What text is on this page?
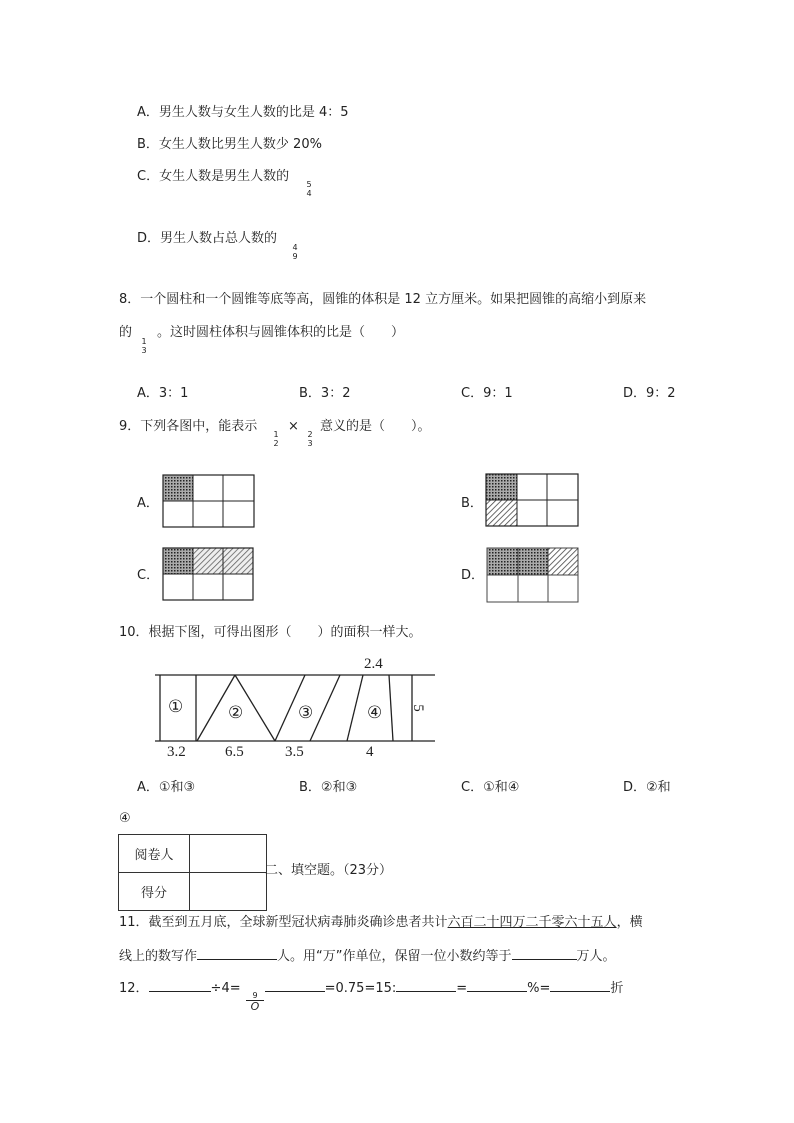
A．男生人数与女生人数的比是 4：5
B．女生人数比男生人数少 20%
C．女生人数是男生人数的
5
4
D．男生人数占总人数的
4
9
8．一个圆柱和一个圆锥等底等高，圆锥的体积是 12 立方厘米。如果把圆锥的高缩小到原来
的
1
3
。这时圆柱体积与圆锥体积的比是（　　）
A．3：1	B．3：2	C．9：1	D．9：2
9．下列各图中，能表示
1
2
×
2
3
意义的是（　　）。
A．	B．
C．	D．
10．根据下图，可得出图形（　　）的面积一样大。
①	②	③	④
2.4
5
3.2	6.5	3.5	4
A．①和③	B．②和③	C．①和④	D．②和
④
阅卷人	
得分	
二、填空题。（23分）
11．截至到五月底，全球新型冠状病毒肺炎确诊患者共计六百二十四万二千零六十五人，横
线上的数写作	人。用“万”作单位，保留一位小数约等于	万人。
12．	÷4=	=0.75=15:	=	%=	折
9
O
